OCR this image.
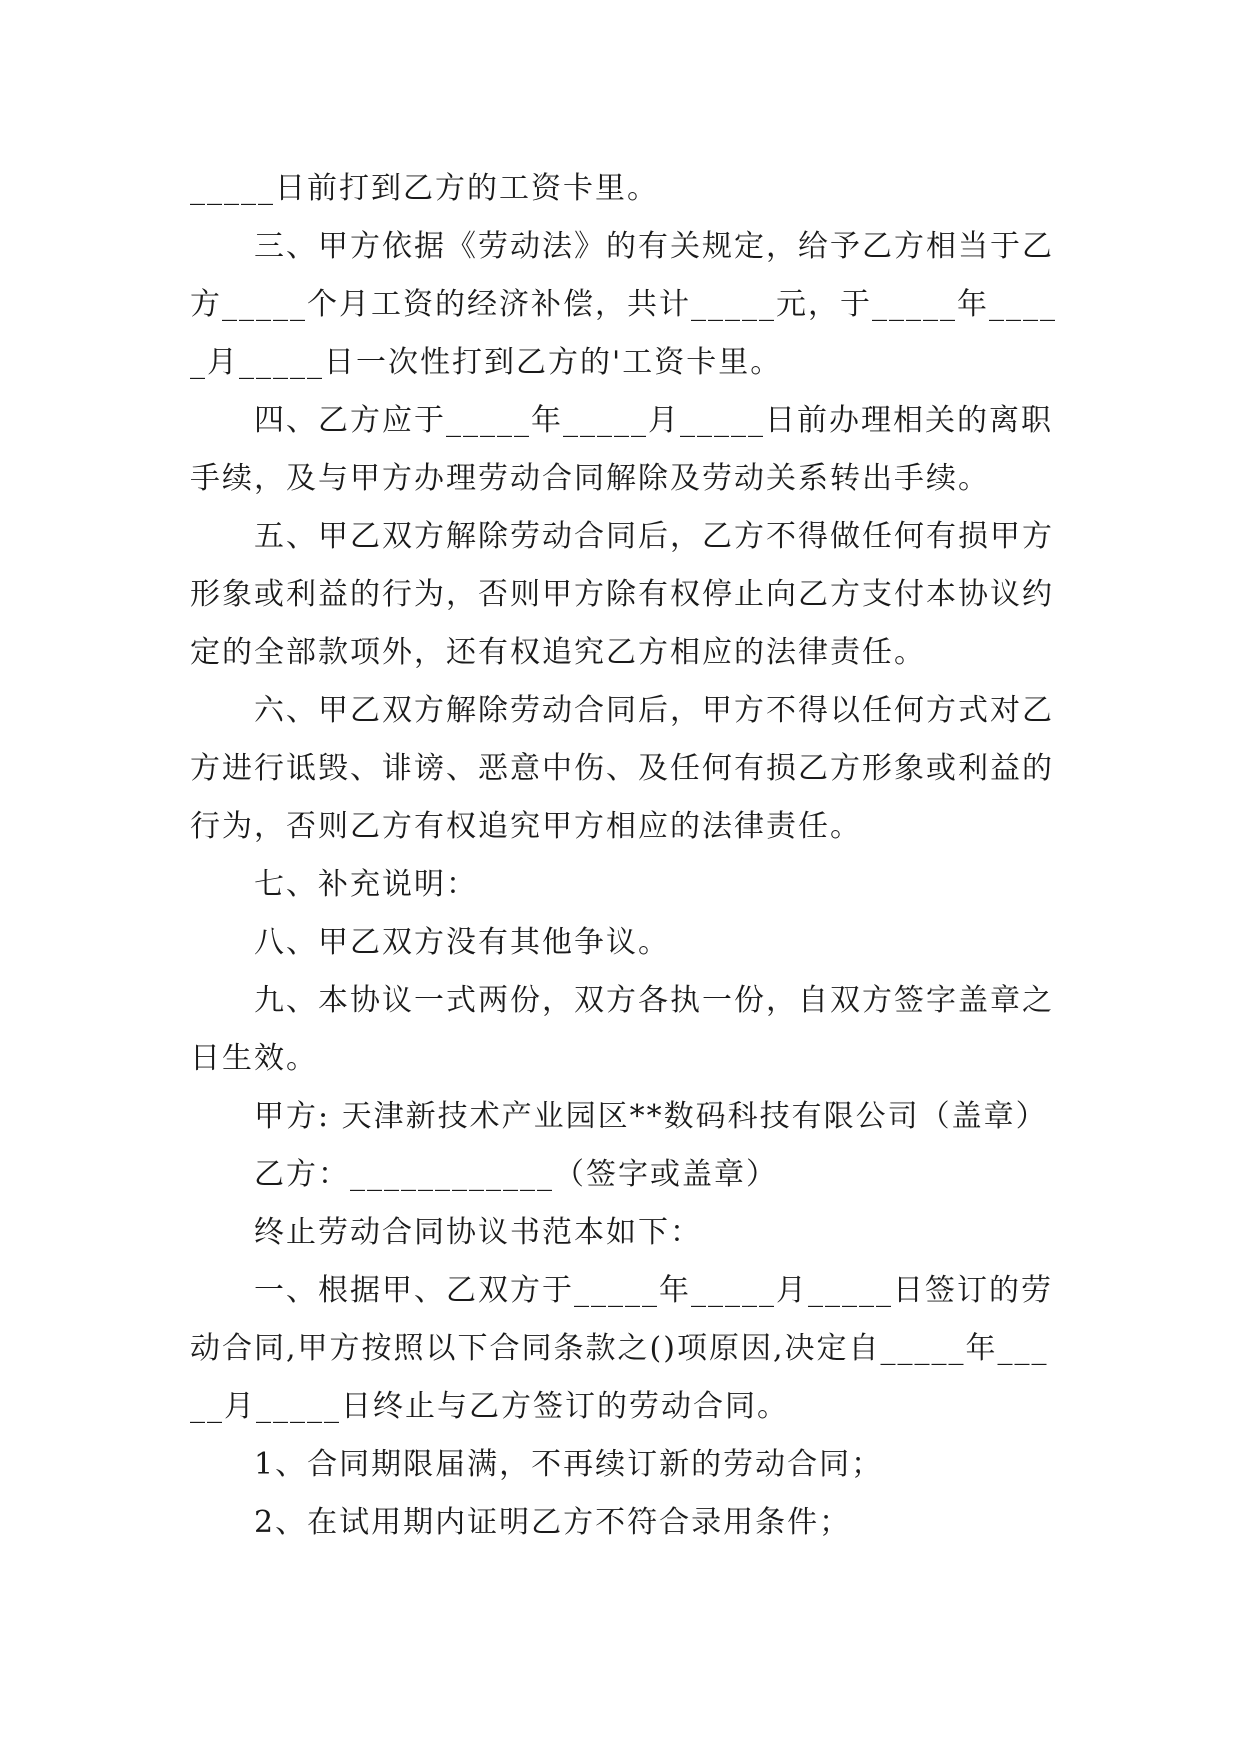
_____日前打到乙方的工资卡里。

三、甲方依据《劳动法》的有关规定，给予乙方相当于乙方_____个月工资的经济补偿，共计_____元，于_____年_____月_____日一次性打到乙方的'工资卡里。

四、乙方应于_____年_____月_____日前办理相关的离职手续，及与甲方办理劳动合同解除及劳动关系转出手续。

五、甲乙双方解除劳动合同后，乙方不得做任何有损甲方形象或利益的行为，否则甲方除有权停止向乙方支付本协议约定的全部款项外，还有权追究乙方相应的法律责任。

六、甲乙双方解除劳动合同后，甲方不得以任何方式对乙方进行诋毁、诽谤、恶意中伤、及任何有损乙方形象或利益的行为，否则乙方有权追究甲方相应的法律责任。

七、补充说明：

八、甲乙双方没有其他争议。

九、本协议一式两份，双方各执一份，自双方签字盖章之日生效。

甲方: 天津新技术产业园区**数码科技有限公司（盖章）

乙方：____________（签字或盖章）

终止劳动合同协议书范本如下：

一、根据甲、乙双方于_____年_____月_____日签订的劳动合同,甲方按照以下合同条款之()项原因,决定自_____年_____月_____日终止与乙方签订的劳动合同。

1、合同期限届满，不再续订新的劳动合同；

2、在试用期内证明乙方不符合录用条件；
